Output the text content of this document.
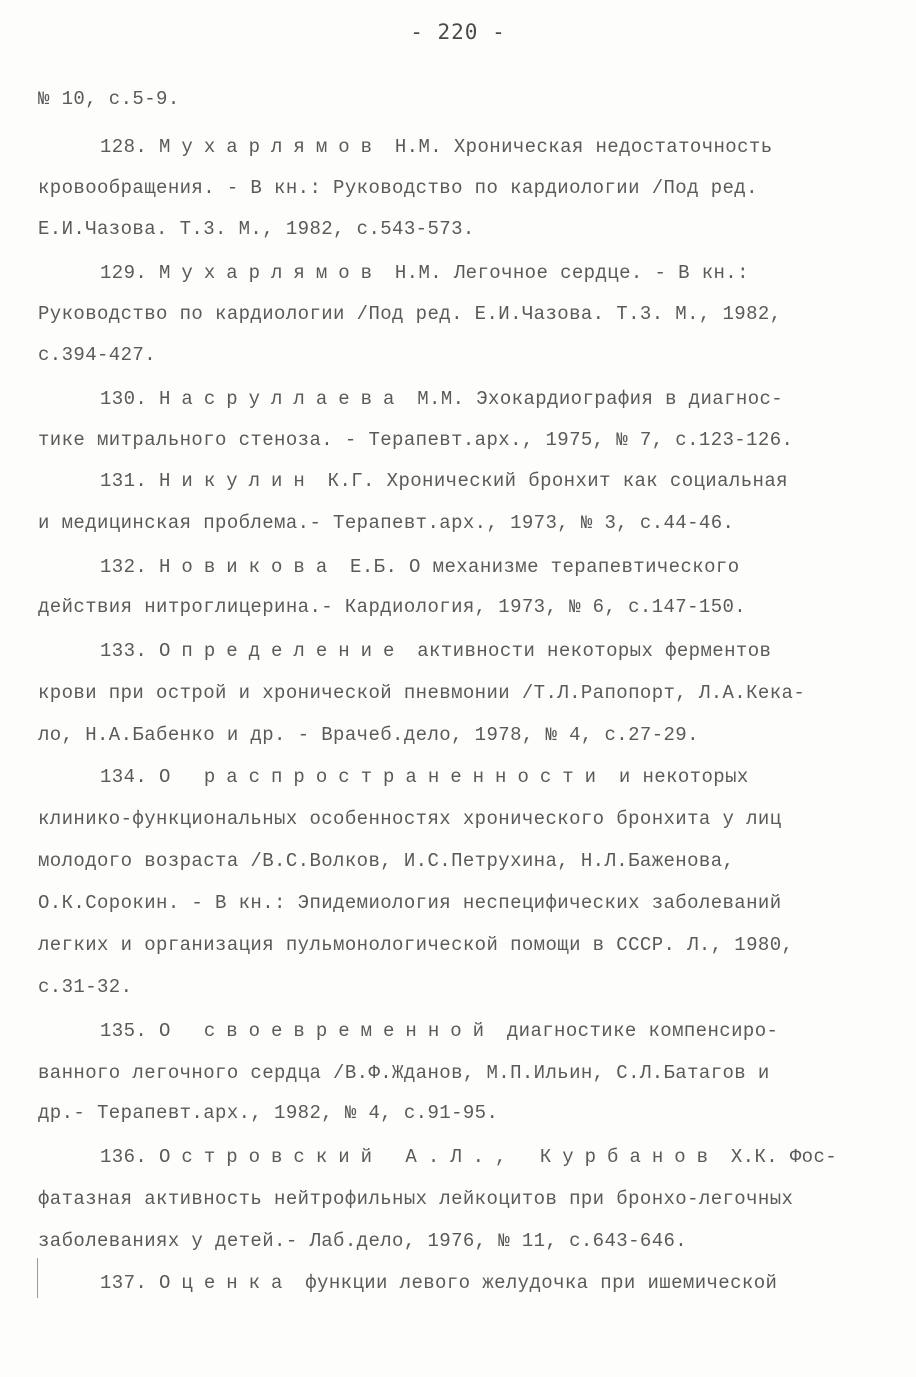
- 220 -
№ 10, с.5-9.
128. Мухарлямов Н.М. Хроническая недостаточность
кровообращения. - В кн.: Руководство по кардиологии /Под ред.
Е.И.Чазова. Т.3. М., 1982, с.543-573.
129. Мухарлямов Н.М. Легочное сердце. - В кн.:
Руководство по кардиологии /Под ред. Е.И.Чазова. Т.3. М., 1982,
с.394-427.
130. Насруллаева М.М. Эхокардиография в диагнос-
тике митрального стеноза. - Терапевт.арх., 1975, № 7, с.123-126.
131. Никулин К.Г. Хронический бронхит как социальная
и медицинская проблема.- Терапевт.арх., 1973, № 3, с.44-46.
132. Новикова Е.Б. О механизме терапевтического
действия нитроглицерина.- Кардиология, 1973, № 6, с.147-150.
133. Определение активности некоторых ферментов
крови при острой и хронической пневмонии /Т.Л.Рапопорт, Л.А.Кека-
ло, Н.А.Бабенко и др. - Врачеб.дело, 1978, № 4, с.27-29.
134. О распространенности и некоторых
клинико-функциональных особенностях хронического бронхита у лиц
молодого возраста /В.С.Волков, И.С.Петрухина, Н.Л.Баженова,
О.К.Сорокин. - В кн.: Эпидемиология неспецифических заболеваний
легких и организация пульмонологической помощи в СССР. Л., 1980,
с.31-32.
135. О своевременной диагностике компенсиро-
ванного легочного сердца /В.Ф.Жданов, М.П.Ильин, С.Л.Батагов и
др.- Терапевт.арх., 1982, № 4, с.91-95.
136. Островский А.Л., Курбанов Х.К. Фос-
фатазная активность нейтрофильных лейкоцитов при бронхо-легочных
заболеваниях у детей.- Лаб.дело, 1976, № 11, с.643-646.
137. Оценка функции левого желудочка при ишемической
